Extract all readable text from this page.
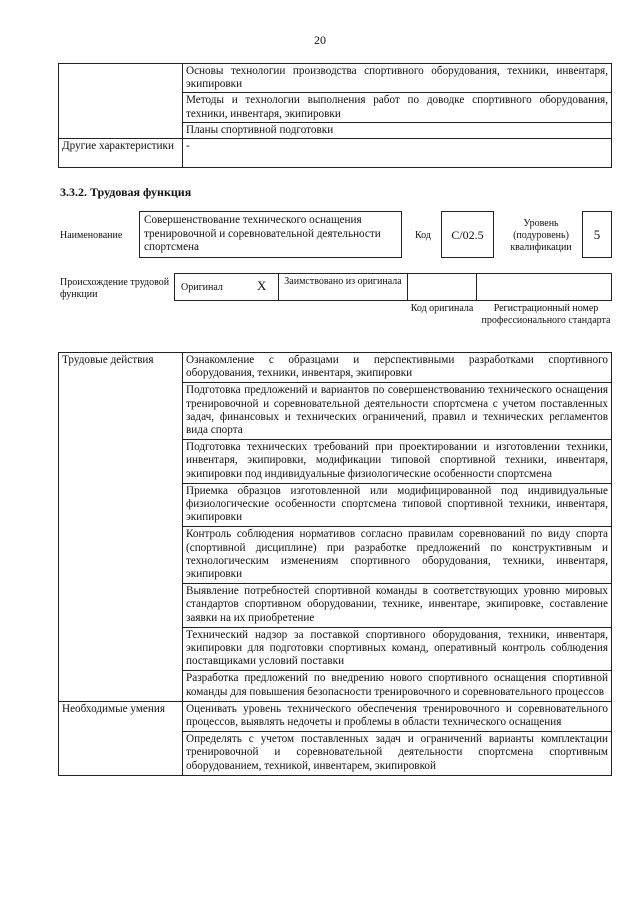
20
	Основы технологии производства спортивного оборудования, техники, инвентаря, экипировки
	Методы и технологии выполнения работ по доводке спортивного оборудования, техники, инвентаря, экипировки
	Планы спортивной подготовки
Другие характеристики	-
3.3.2. Трудовая функция
Наименование
Совершенствование технического оснащения тренировочной и соревновательной деятельности спортсмена
Код	C/02.5
Уровень (подуровень) квалификации
5
Происхождение трудовой функции
Оригинал	X	Заимствовано из оригинала
Код оригинала	Регистрационный номер профессионального стандарта
Трудовые действия	Ознакомление с образцами и перспективными разработками спортивного оборудования, техники, инвентаря, экипировки
	Подготовка предложений и вариантов по совершенствованию технического оснащения тренировочной и соревновательной деятельности спортсмена с учетом поставленных задач, финансовых и технических ограничений, правил и технических регламентов вида спорта
	Подготовка технических требований при проектировании и изготовлении техники, инвентаря, экипировки, модификации типовой спортивной техники, инвентаря, экипировки под индивидуальные физиологические особенности спортсмена
	Приемка образцов изготовленной или модифицированной под индивидуальные физиологические особенности спортсмена типовой спортивной техники, инвентаря, экипировки
	Контроль соблюдения нормативов согласно правилам соревнований по виду спорта (спортивной дисциплине) при разработке предложений по конструктивным и технологическим изменениям спортивного оборудования, техники, инвентаря, экипировки
	Выявление потребностей спортивной команды в соответствующих уровню мировых стандартов спортивном оборудовании, технике, инвентаре, экипировке, составление заявки на их приобретение
	Технический надзор за поставкой спортивного оборудования, техники, инвентаря, экипировки для подготовки спортивных команд, оперативный контроль соблюдения поставщиками условий поставки
	Разработка предложений по внедрению нового спортивного оснащения спортивной команды для повышения безопасности тренировочного и соревновательного процессов
Необходимые умения	Оценивать уровень технического обеспечения тренировочного и соревновательного процессов, выявлять недочеты и проблемы в области технического оснащения
	Определять с учетом поставленных задач и ограничений варианты комплектации тренировочной и соревновательной деятельности спортсмена спортивным оборудованием, техникой, инвентарем, экипировкой
